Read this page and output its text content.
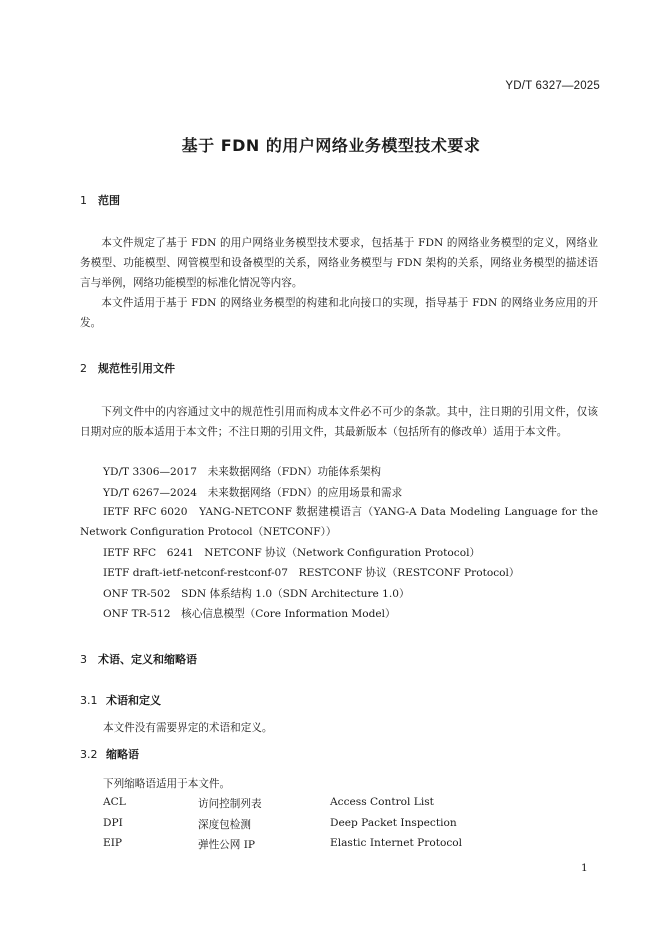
YD/T 6327—2025
基于 FDN 的用户网络业务模型技术要求
1 范围

本文件规定了基于 FDN 的用户网络业务模型技术要求，包括基于 FDN 的网络业务模型的定义，网络业务模型、功能模型、网管模型和设备模型的关系，网络业务模型与 FDN 架构的关系，网络业务模型的描述语言与举例，网络功能模型的标准化情况等内容。

本文件适用于基于 FDN 的网络业务模型的构建和北向接口的实现，指导基于 FDN 的网络业务应用的开发。

2 规范性引用文件

下列文件中的内容通过文中的规范性引用而构成本文件必不可少的条款。其中，注日期的引用文件，仅该日期对应的版本适用于本文件；不注日期的引用文件，其最新版本（包括所有的修改单）适用于本文件。

YD/T 3306—2017　未来数据网络（FDN）功能体系架构
YD/T 6267—2024　未来数据网络（FDN）的应用场景和需求

IETF RFC 6020　YANG-NETCONF 数据建模语言（YANG-A Data Modeling Language for the Network Configuration Protocol（NETCONF））

IETF RFC　6241　NETCONF 协议（Network Configuration Protocol）
IETF draft-ietf-netconf-restconf-07　RESTCONF 协议（RESTCONF Protocol）
ONF TR-502　SDN 体系结构 1.0（SDN Architecture 1.0）
ONF TR-512　核心信息模型（Core Information Model）
3 术语、定义和缩略语
3.1 术语和定义
本文件没有需要界定的术语和定义。
3.2 缩略语
下列缩略语适用于本文件。
ACL	访问控制列表	Access Control List
DPI	深度包检测	Deep Packet Inspection
EIP	弹性公网 IP	Elastic Internet Protocol
1
